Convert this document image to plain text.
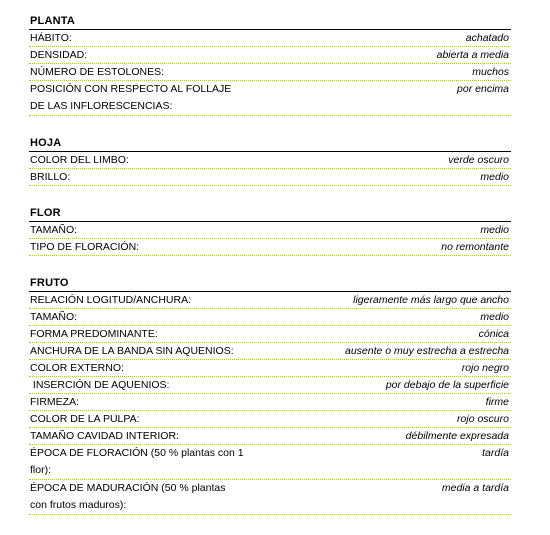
PLANTA
HÁBITO:	achatado
DENSIDAD:	abierta a media
NÚMERO DE ESTOLONES:	muchos
POSICIÓN CON RESPECTO AL FOLLAJE DE LAS INFLORESCENCIAS:
por encima
HOJA
COLOR DEL LIMBO:	verde oscuro
BRILLO:	medio
FLOR
TAMAÑO:	medio
TIPO DE FLORACIÓN:	no remontante
FRUTO
RELACIÓN LOGITUD/ANCHURA:	ligeramente más largo que ancho
TAMAÑO:	medio
FORMA PREDOMINANTE:	cónica
ANCHURA DE LA BANDA SIN AQUENIOS:	ausente o muy estrecha a estrecha
COLOR EXTERNO:	rojo negro
INSERCIÓN DE AQUENIOS:	por debajo de la superficie
FIRMEZA:	firme
COLOR DE LA PULPA:	rojo oscuro
TAMAÑO CAVIDAD INTERIOR:	débilmente expresada
ÉPOCA DE FLORACIÓN (50 % plantas con 1 flor):
tardía
ÉPOCA DE MADURACIÓN (50 % plantas con frutos maduros):
media a tardía
